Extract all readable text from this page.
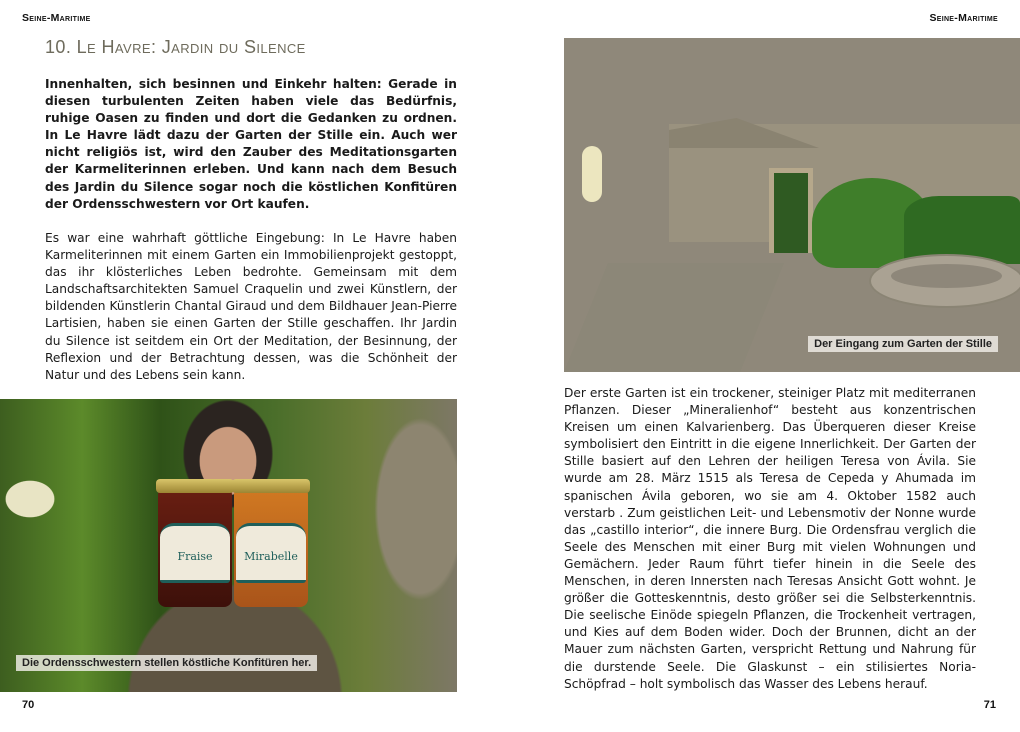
Seine-Maritime	Seine-Maritime
10. Le Havre: Jardin du Silence

Innenhalten, sich besinnen und Einkehr halten: Gerade in diesen turbulenten Zeiten haben viele das Bedürfnis, ruhige Oasen zu finden und dort die Gedanken zu ordnen. In Le Havre lädt dazu der Garten der Stille ein. Auch wer nicht religiös ist, wird den Zauber des Meditationsgarten der Karmeliterinnen erleben. Und kann nach dem Besuch des Jardin du Silence sogar noch die köstlichen Konfitüren der Ordensschwestern vor Ort kaufen.

Es war eine wahrhaft göttliche Eingebung: In Le Havre haben Karmeliterinnen mit einem Garten ein Immobilienprojekt gestoppt, das ihr klösterliches Leben bedrohte. Gemeinsam mit dem Landschaftsarchitekten Samuel Craquelin und zwei Künstlern, der bildenden Künstlerin Chantal Giraud und dem Bildhauer Jean-Pierre Lartisien, haben sie einen Garten der Stille geschaffen. Ihr Jardin du Silence ist seitdem ein Ort der Meditation, der Besinnung, der Reflexion und der Betrachtung dessen, was die Schönheit der Natur und des Lebens sein kann.

Fraise	Mirabelle
Die Ordensschwestern stellen köstliche Konfitüren her.
Der Eingang zum Garten der Stille

Der erste Garten ist ein trockener, steiniger Platz mit mediterranen Pflanzen. Dieser „Mineralienhof“ besteht aus konzentrischen Kreisen um einen Kalvarienberg. Das Überqueren dieser Kreise symbolisiert den Eintritt in die eigene Innerlichkeit. Der Garten der Stille basiert auf den Lehren der heiligen Teresa von Ávila. Sie wurde am 28. März 1515 als Teresa de Cepeda y Ahumada im spanischen Ávila geboren, wo sie am 4. Oktober 1582 auch verstarb . Zum geistlichen Leit- und Lebensmotiv der Nonne wurde das „castillo interior“, die innere Burg. Die Ordensfrau verglich die Seele des Menschen mit einer Burg mit vielen Wohnungen und Gemächern. Jeder Raum führt tiefer hinein in die Seele des Menschen, in deren Innersten nach Teresas Ansicht Gott wohnt. Je größer die Gotteskenntnis, desto größer sei die Selbsterkenntnis. Die seelische Einöde spiegeln Pflanzen, die Trockenheit vertragen, und Kies auf dem Boden wider. Doch der Brunnen, dicht an der Mauer zum nächsten Garten, verspricht Rettung und Nahrung für die durstende Seele. Die Glaskunst – ein stilisiertes Noria-Schöpfrad – holt symbolisch das Wasser des Lebens herauf.

70	71
